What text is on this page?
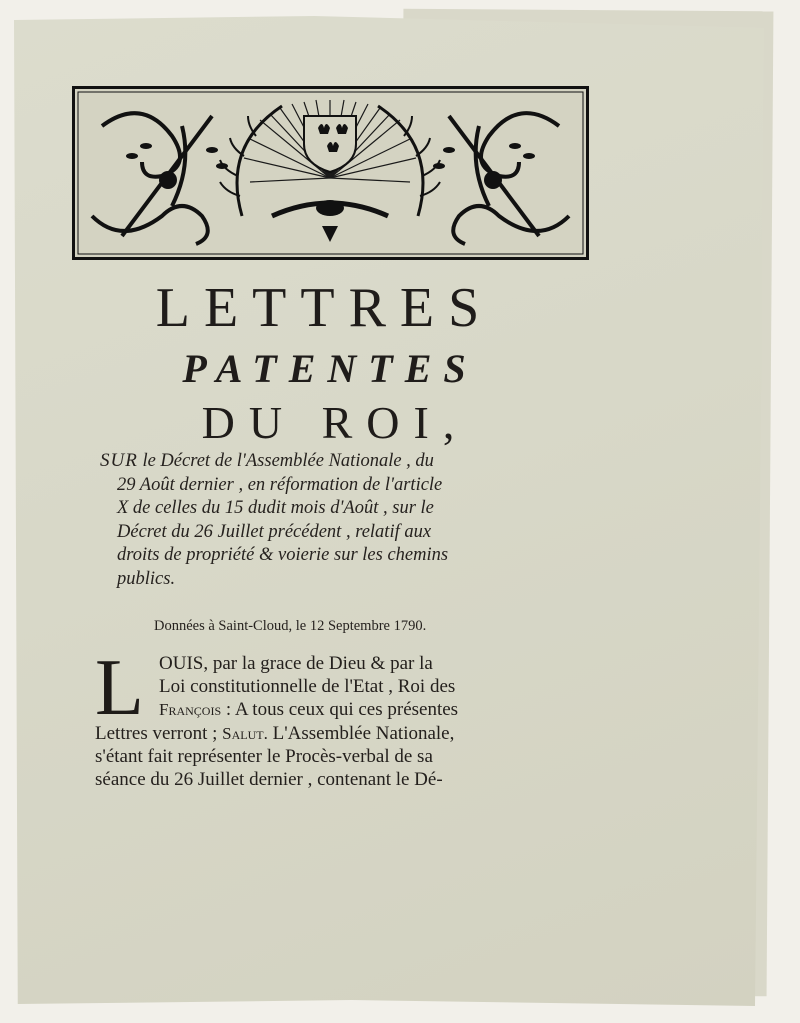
LETTRES
PATENTES
DU ROI,
SUR le Décret de l'Assemblée Nationale , du
29 Août dernier , en réformation de l'article
X de celles du 15 dudit mois d'Août , sur le
Décret du 26 Juillet précédent , relatif aux
droits de propriété & voierie sur les chemins
publics.
Données à Saint-Cloud, le 12 Septembre 1790.
L OUIS, par la grace de Dieu & par la
Loi constitutionnelle de l'Etat , Roi des
François : A tous ceux qui ces présentes
Lettres verront ; Salut. L'Assemblée Nationale,
s'étant fait représenter le Procès-verbal de sa
séance du 26 Juillet dernier , contenant le Dé-
